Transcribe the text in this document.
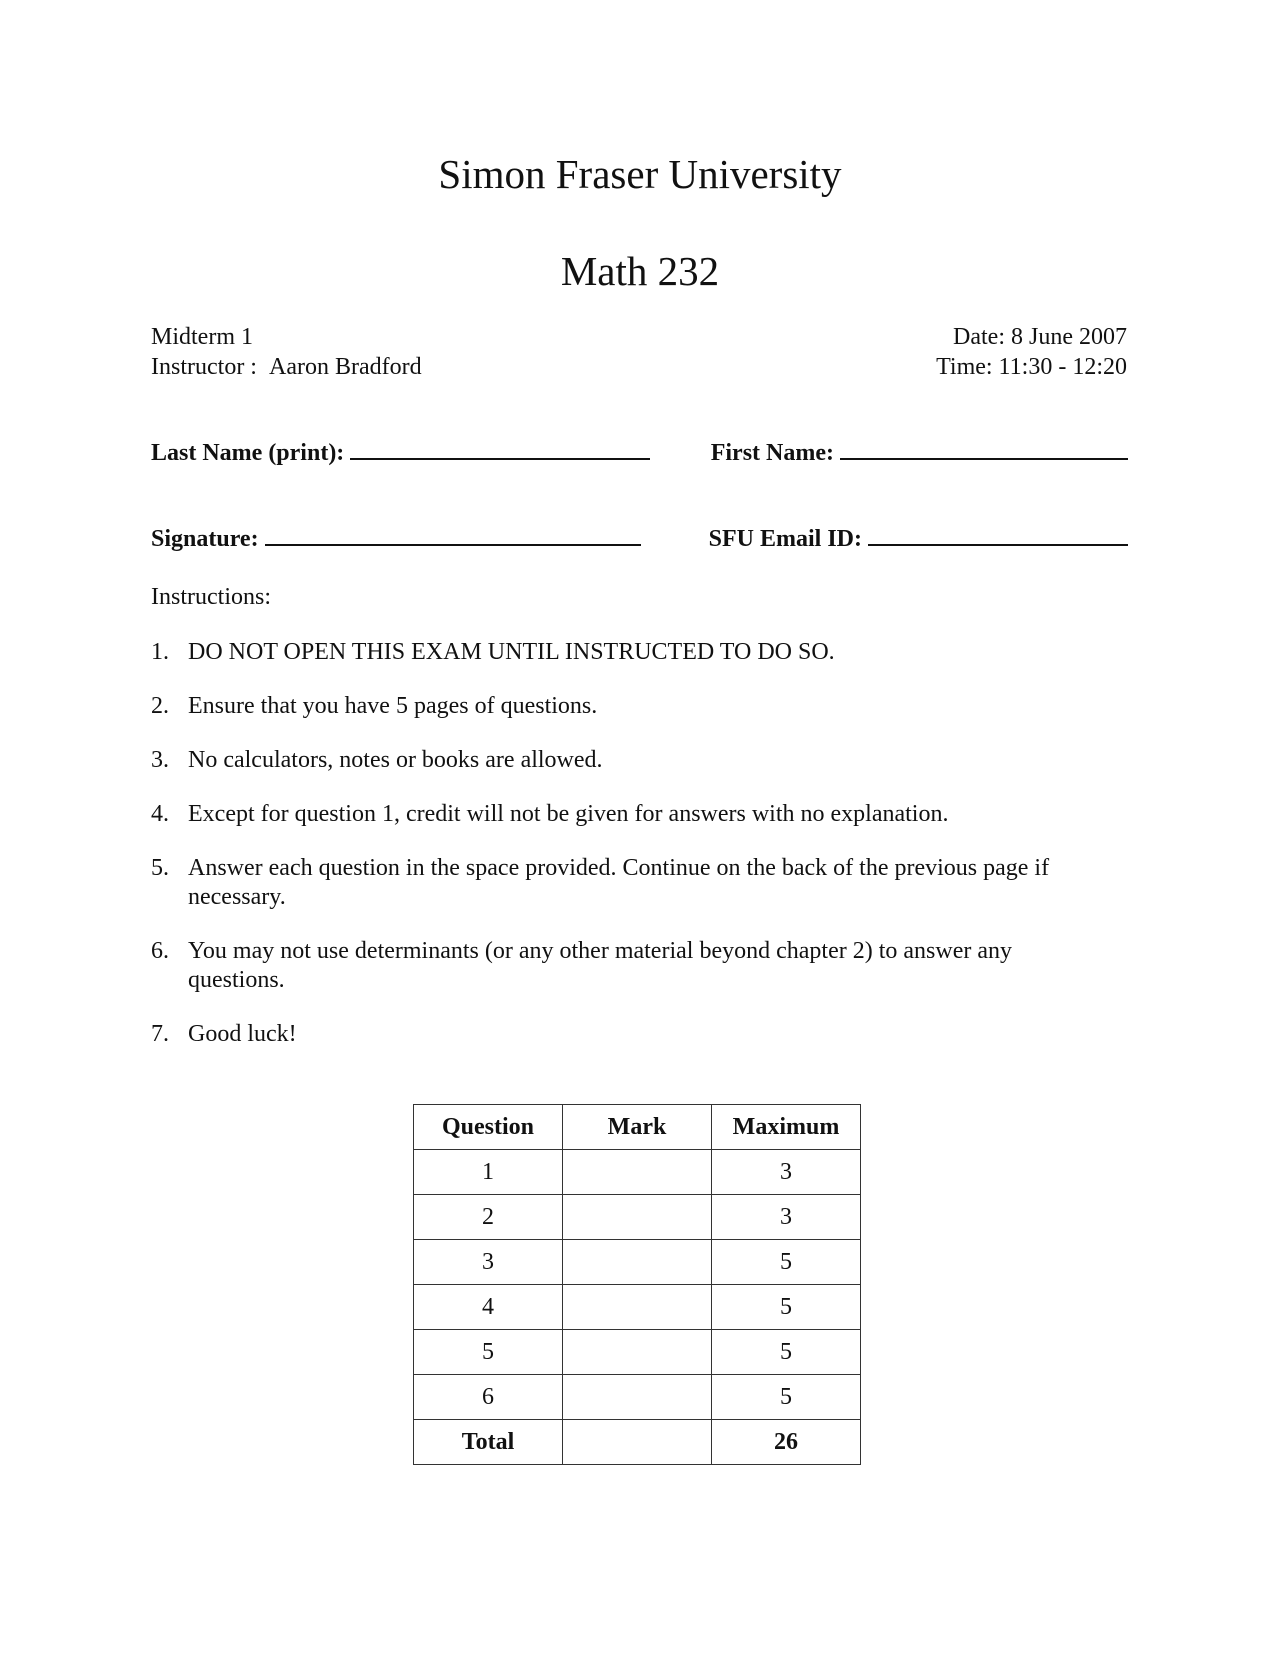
Simon Fraser University
Math 232
Midterm 1
Instructor : Aaron Bradford
Date: 8 June 2007
Time: 11:30 - 12:20
Last Name (print):	First Name:
Signature:	SFU Email ID:
Instructions:
1. DO NOT OPEN THIS EXAM UNTIL INSTRUCTED TO DO SO.
2. Ensure that you have 5 pages of questions.
3. No calculators, notes or books are allowed.
4. Except for question 1, credit will not be given for answers with no explanation.
5. Answer each question in the space provided. Continue on the back of the previous page if necessary.
6. You may not use determinants (or any other material beyond chapter 2) to answer any questions.
7. Good luck!
Question	Mark	Maximum
1		3
2		3
3		5
4		5
5		5
6		5
Total		26
